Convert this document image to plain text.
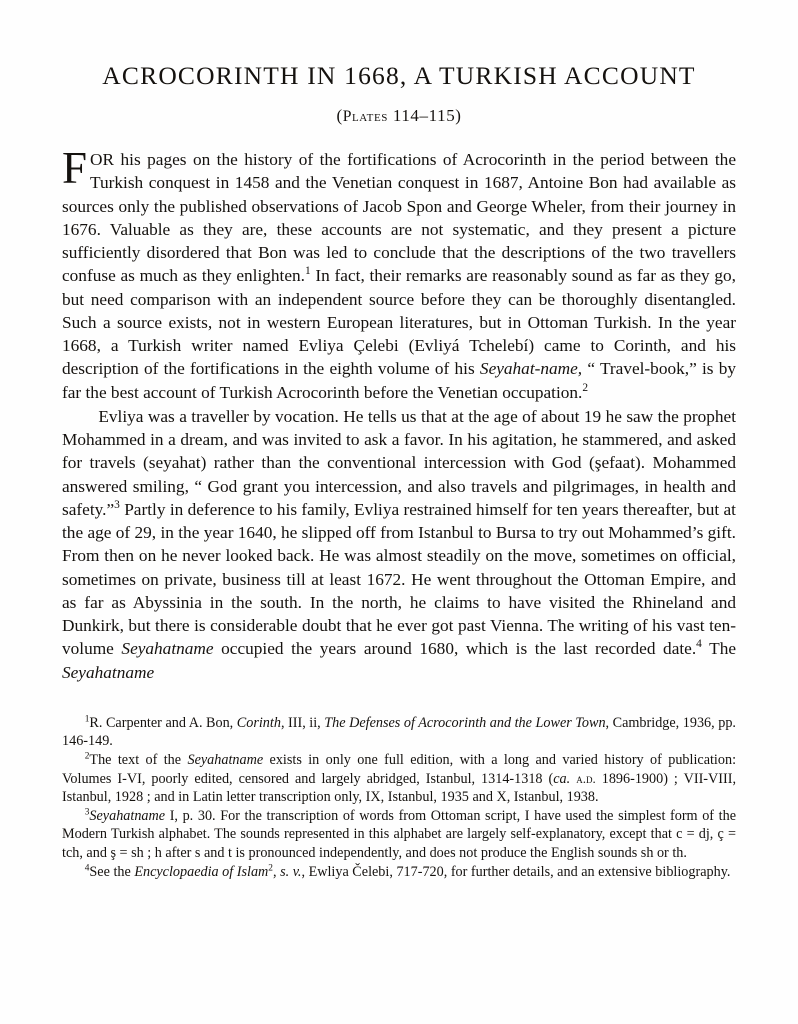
ACROCORINTH IN 1668, A TURKISH ACCOUNT
(Plates 114–115)

FOR his pages on the history of the fortifications of Acrocorinth in the period between the Turkish conquest in 1458 and the Venetian conquest in 1687, Antoine Bon had available as sources only the published observations of Jacob Spon and George Wheler, from their journey in 1676. Valuable as they are, these accounts are not systematic, and they present a picture sufficiently disordered that Bon was led to conclude that the descriptions of the two travellers confuse as much as they enlighten.$^1$ In fact, their remarks are reasonably sound as far as they go, but need comparison with an independent source before they can be thoroughly disentangled. Such a source exists, not in western European literatures, but in Ottoman Turkish. In the year 1668, a Turkish writer named Evliya Çelebi (Evliyá Tchelebí) came to Corinth, and his description of the fortifications in the eighth volume of his Seyahat-name, “ Travel-book,” is by far the best account of Turkish Acrocorinth before the Venetian occupation.$^2$

Evliya was a traveller by vocation. He tells us that at the age of about 19 he saw the prophet Mohammed in a dream, and was invited to ask a favor. In his agitation, he stammered, and asked for travels (seyahat) rather than the conventional intercession with God (şefaat). Mohammed answered smiling, “ God grant you intercession, and also travels and pilgrimages, in health and safety.”$^3$ Partly in deference to his family, Evliya restrained himself for ten years thereafter, but at the age of 29, in the year 1640, he slipped off from Istanbul to Bursa to try out Mohammed’s gift. From then on he never looked back. He was almost steadily on the move, sometimes on official, sometimes on private, business till at least 1672. He went throughout the Ottoman Empire, and as far as Abyssinia in the south. In the north, he claims to have visited the Rhineland and Dunkirk, but there is considerable doubt that he ever got past Vienna. The writing of his vast ten-volume Seyahatname occupied the years around 1680, which is the last recorded date.$^4$ The Seyahatname

$^1$R. Carpenter and A. Bon, Corinth, III, ii, The Defenses of Acrocorinth and the Lower Town, Cambridge, 1936, pp. 146-149.

$^2$The text of the Seyahatname exists in only one full edition, with a long and varied history of publication: Volumes I-VI, poorly edited, censored and largely abridged, Istanbul, 1314-1318 (ca. a.d. 1896-1900) ; VII-VIII, Istanbul, 1928 ; and in Latin letter transcription only, IX, Istanbul, 1935 and X, Istanbul, 1938.

$^3$Seyahatname I, p. 30. For the transcription of words from Ottoman script, I have used the simplest form of the Modern Turkish alphabet. The sounds represented in this alphabet are largely self-explanatory, except that c = dj, ç = tch, and ş = sh ; h after s and t is pronounced independently, and does not produce the English sounds sh or th.

$^4$See the Encyclopaedia of Islam$^2$, s. v., Ewliya Čelebi, 717-720, for further details, and an extensive bibliography.
